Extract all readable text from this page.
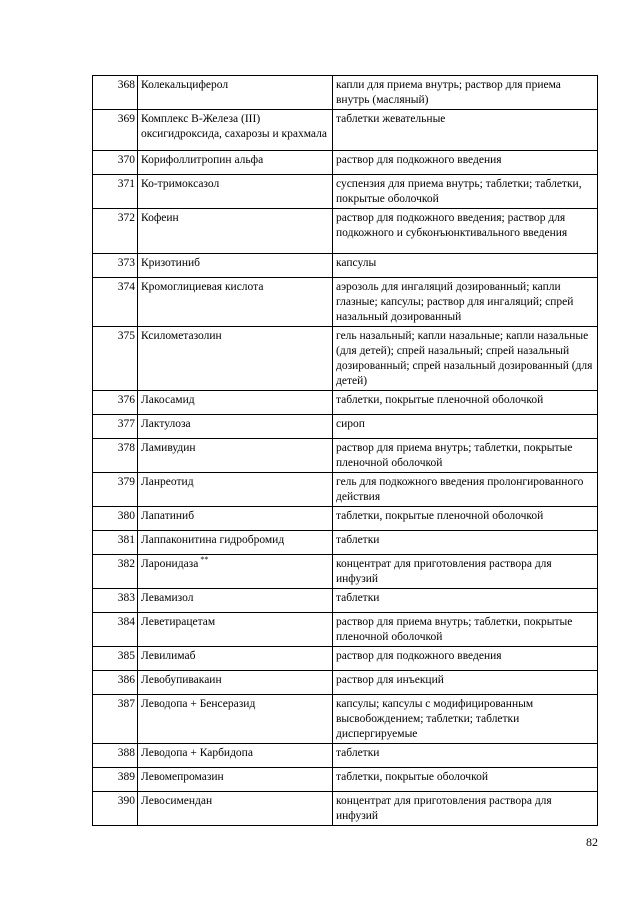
368	Колекальциферол	капли для приема внутрь; раствор для приема внутрь (масляный)
369	Комплекс В-Железа (III) оксигидроксида, сахарозы и крахмала	таблетки жевательные
370	Корифоллитропин альфа	раствор для подкожного введения
371	Ко-тримоксазол	суспензия для приема внутрь; таблетки; таблетки, покрытые оболочкой
372	Кофеин	раствор для подкожного введения; раствор для подкожного и субконъюнктивального введения
373	Кризотиниб	капсулы
374	Кромоглициевая кислота	аэрозоль для ингаляций дозированный; капли глазные; капсулы; раствор для ингаляций; спрей назальный дозированный
375	Ксилометазолин	гель назальный; капли назальные; капли назальные (для детей); спрей назальный; спрей назальный дозированный; спрей назальный дозированный (для детей)
376	Лакосамид	таблетки, покрытые пленочной оболочкой
377	Лактулоза	сироп
378	Ламивудин	раствор для приема внутрь; таблетки, покрытые пленочной оболочкой
379	Ланреотид	гель для подкожного введения пролонгированного действия
380	Лапатиниб	таблетки, покрытые пленочной оболочкой
381	Лаппаконитина гидробромид	таблетки
382	Ларонидаза **	концентрат для приготовления раствора для инфузий
383	Левамизол	таблетки
384	Леветирацетам	раствор для приема внутрь; таблетки, покрытые пленочной оболочкой
385	Левилимаб	раствор для подкожного введения
386	Левобупивакаин	раствор для инъекций
387	Леводопа + Бенсеразид	капсулы; капсулы с модифицированным высвобождением; таблетки; таблетки диспергируемые
388	Леводопа + Карбидопа	таблетки
389	Левомепромазин	таблетки, покрытые оболочкой
390	Левосимендан	концентрат для приготовления раствора для инфузий
82
